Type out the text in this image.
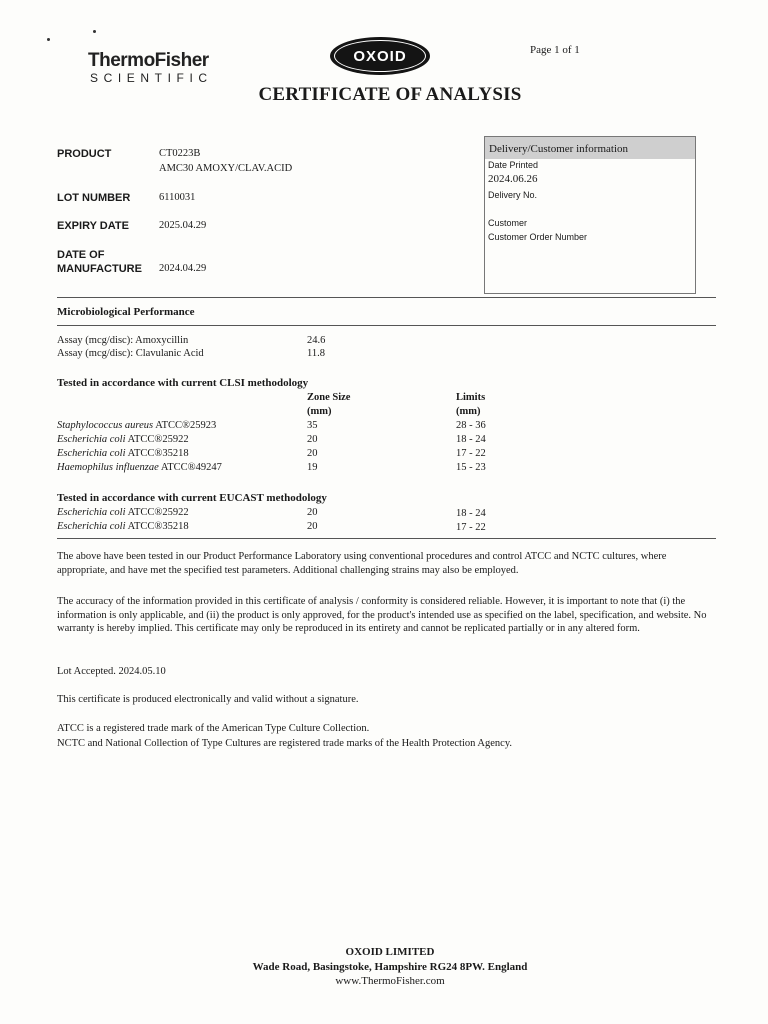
ThermoFisher
SCIENTIFIC
OXOID	Page 1 of 1
CERTIFICATE OF ANALYSIS
PRODUCT	CT0223B
AMC30 AMOXY/CLAV.ACID
LOT NUMBER	6110031
EXPIRY DATE	2025.04.29
DATE OF
MANUFACTURE 2024.04.29
Delivery/Customer information
Date Printed
2024.06.26
Delivery No.
Customer
Customer Order Number
Microbiological Performance
Assay (mcg/disc): Amoxycillin	24.6
Assay (mcg/disc): Clavulanic Acid	11.8
Tested in accordance with current CLSI methodology
Zone Size
(mm)
Limits
(mm)
Staphylococcus aureus ATCC®25923	35	28 - 36
Escherichia coli ATCC®25922	20	18 - 24
Escherichia coli ATCC®35218	20	17 - 22
Haemophilus influenzae ATCC®49247	19	15 - 23
Tested in accordance with current EUCAST methodology
Escherichia coli ATCC®25922	20	18 - 24
Escherichia coli ATCC®35218	20	17 - 22
The above have been tested in our Product Performance Laboratory using conventional procedures and control ATCC and NCTC cultures, where appropriate, and have met the specified test parameters. Additional challenging strains may also be employed.
The accuracy of the information provided in this certificate of analysis / conformity is considered reliable. However, it is important to note that (i) the information is only applicable, and (ii) the product is only approved, for the product's intended use as specified on the label, specification, and website. No warranty is hereby implied. This certificate may only be reproduced in its entirety and cannot be replicated partially or in any altered form.
Lot Accepted. 2024.05.10
This certificate is produced electronically and valid without a signature.
ATCC is a registered trade mark of the American Type Culture Collection.
NCTC and National Collection of Type Cultures are registered trade marks of the Health Protection Agency.
OXOID LIMITED
Wade Road, Basingstoke, Hampshire RG24 8PW. England
www.ThermoFisher.com
